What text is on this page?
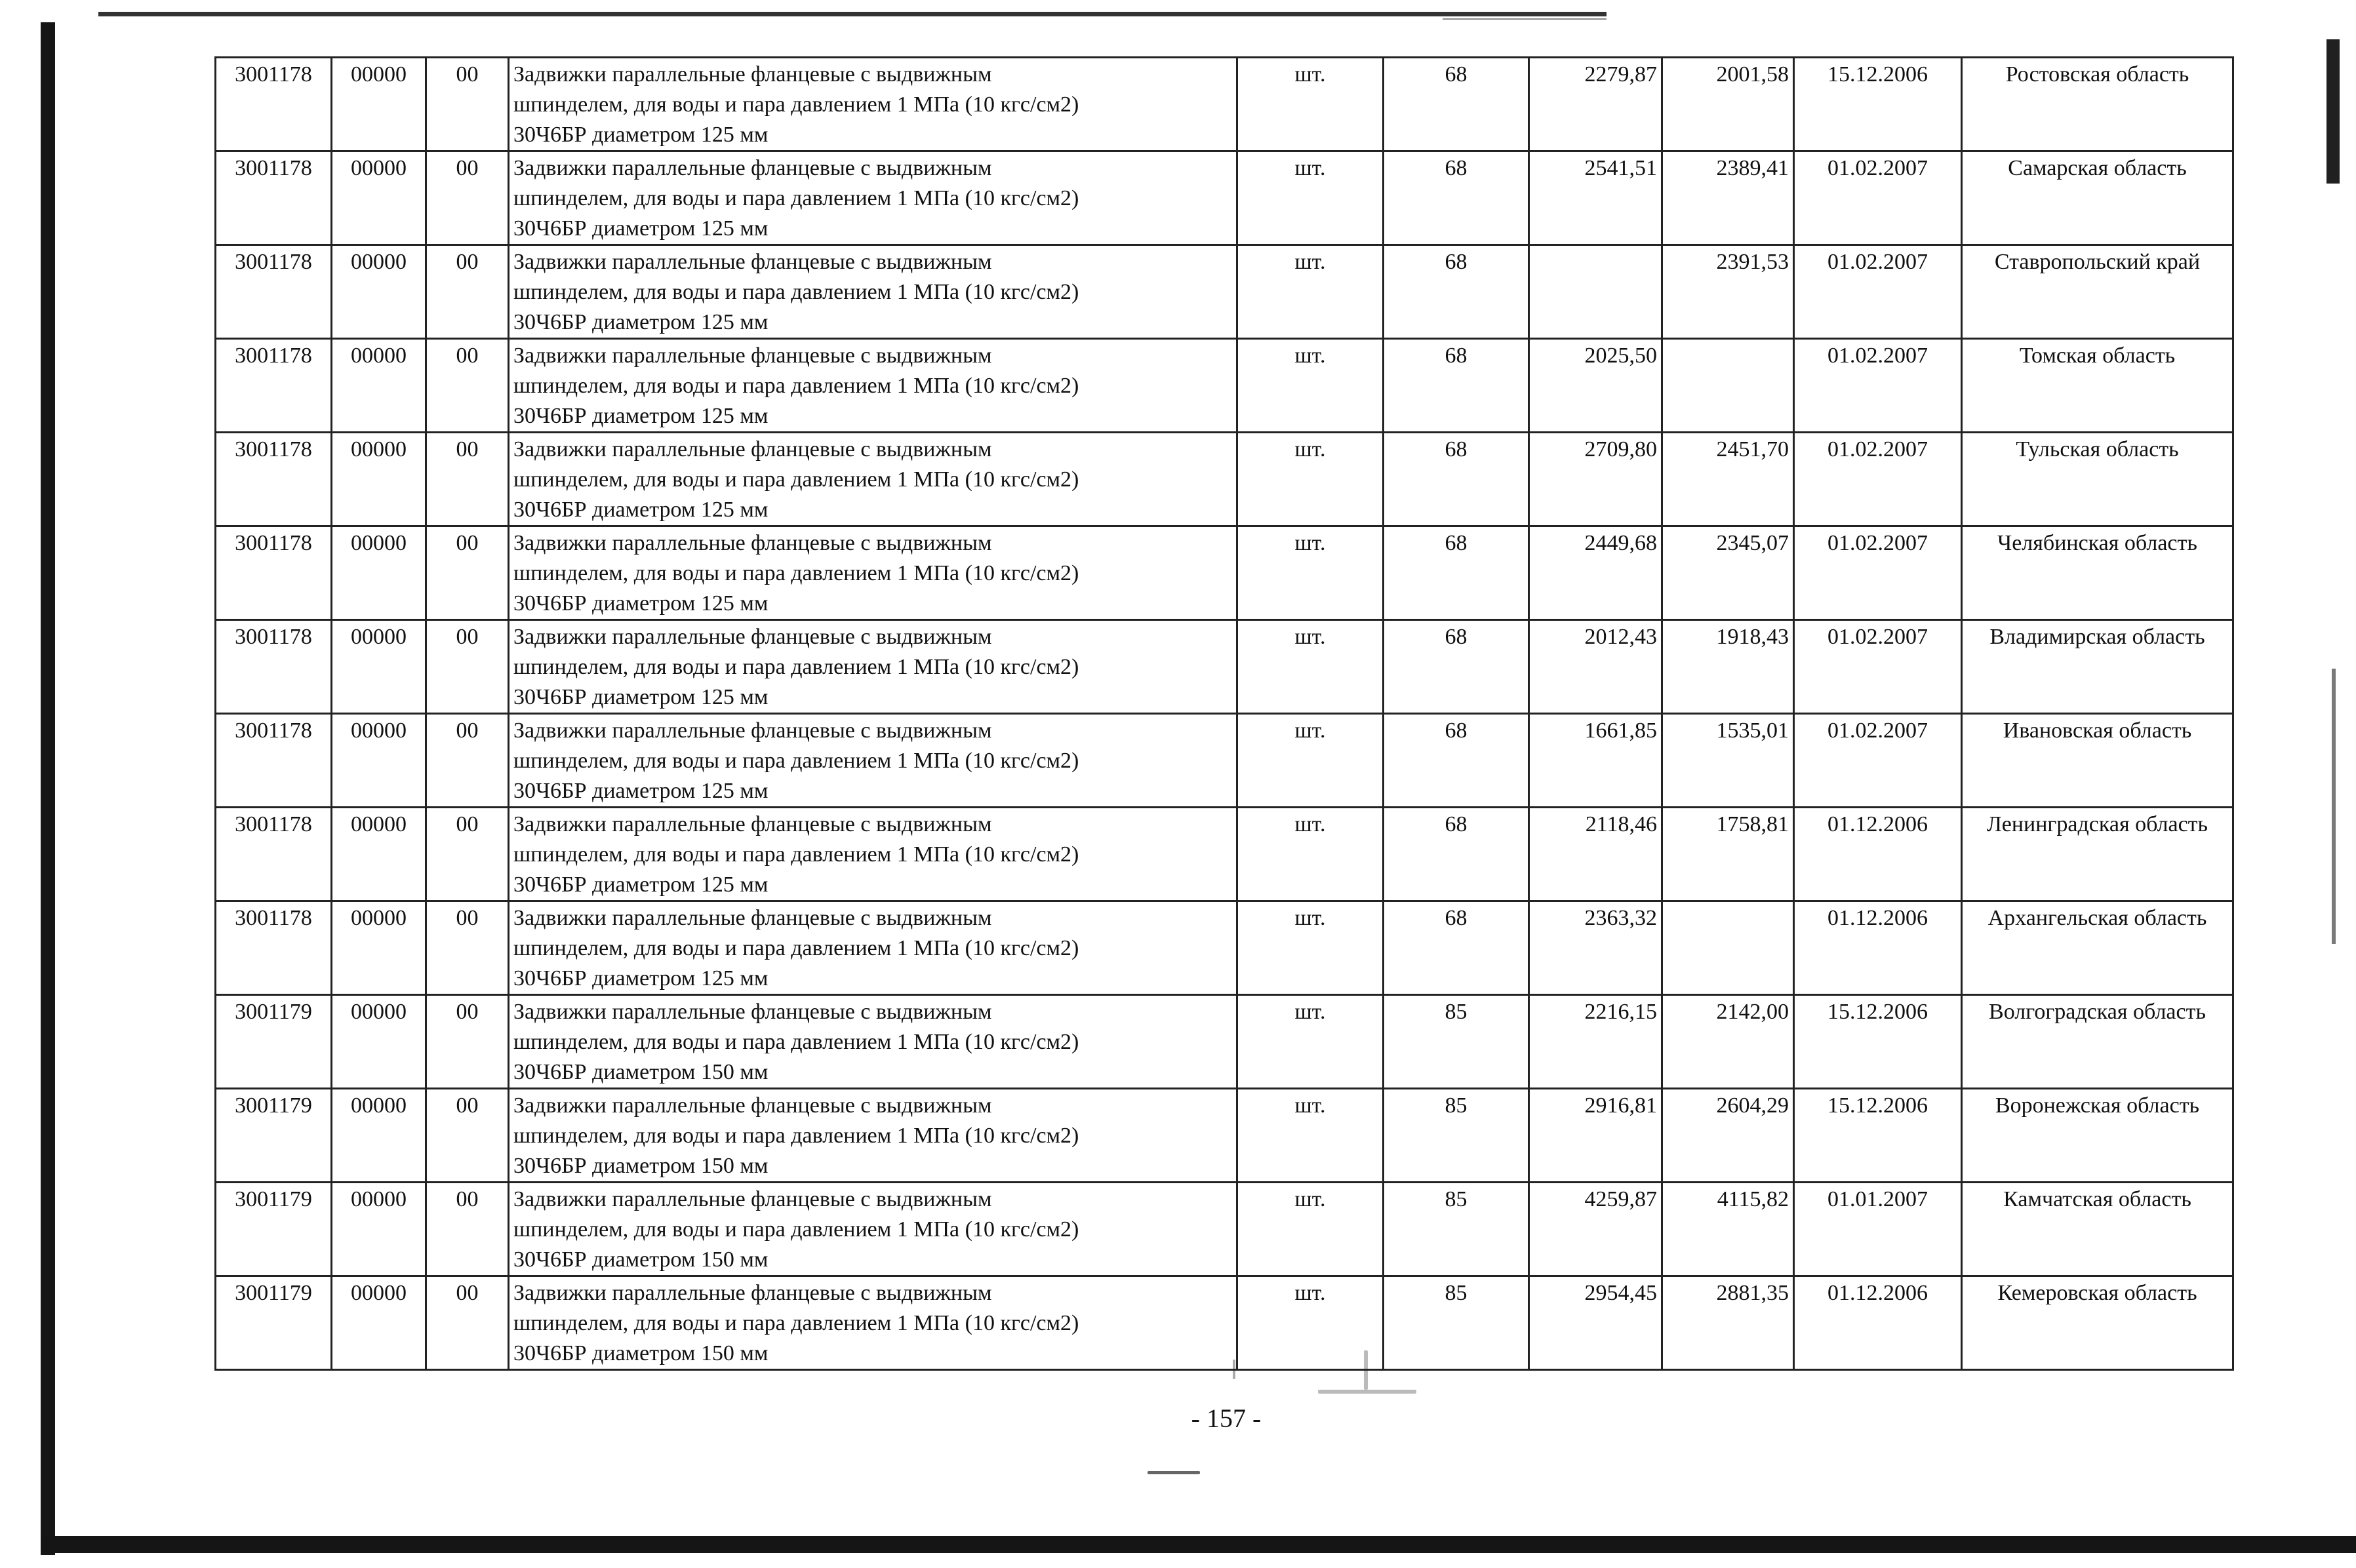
3001178	00000	00	Задвижки параллельные фланцевые с выдвижным
шпинделем, для воды и пара давлением 1 МПа (10 кгс/см2)
30Ч6БР диаметром 125 мм	шт.	68	2279,87	2001,58	15.12.2006	Ростовская область
3001178	00000	00	Задвижки параллельные фланцевые с выдвижным
шпинделем, для воды и пара давлением 1 МПа (10 кгс/см2)
30Ч6БР диаметром 125 мм	шт.	68	2541,51	2389,41	01.02.2007	Самарская область
3001178	00000	00	Задвижки параллельные фланцевые с выдвижным
шпинделем, для воды и пара давлением 1 МПа (10 кгс/см2)
30Ч6БР диаметром 125 мм	шт.	68		2391,53	01.02.2007	Ставропольский край
3001178	00000	00	Задвижки параллельные фланцевые с выдвижным
шпинделем, для воды и пара давлением 1 МПа (10 кгс/см2)
30Ч6БР диаметром 125 мм	шт.	68	2025,50		01.02.2007	Томская область
3001178	00000	00	Задвижки параллельные фланцевые с выдвижным
шпинделем, для воды и пара давлением 1 МПа (10 кгс/см2)
30Ч6БР диаметром 125 мм	шт.	68	2709,80	2451,70	01.02.2007	Тульская область
3001178	00000	00	Задвижки параллельные фланцевые с выдвижным
шпинделем, для воды и пара давлением 1 МПа (10 кгс/см2)
30Ч6БР диаметром 125 мм	шт.	68	2449,68	2345,07	01.02.2007	Челябинская область
3001178	00000	00	Задвижки параллельные фланцевые с выдвижным
шпинделем, для воды и пара давлением 1 МПа (10 кгс/см2)
30Ч6БР диаметром 125 мм	шт.	68	2012,43	1918,43	01.02.2007	Владимирская область
3001178	00000	00	Задвижки параллельные фланцевые с выдвижным
шпинделем, для воды и пара давлением 1 МПа (10 кгс/см2)
30Ч6БР диаметром 125 мм	шт.	68	1661,85	1535,01	01.02.2007	Ивановская область
3001178	00000	00	Задвижки параллельные фланцевые с выдвижным
шпинделем, для воды и пара давлением 1 МПа (10 кгс/см2)
30Ч6БР диаметром 125 мм	шт.	68	2118,46	1758,81	01.12.2006	Ленинградская область
3001178	00000	00	Задвижки параллельные фланцевые с выдвижным
шпинделем, для воды и пара давлением 1 МПа (10 кгс/см2)
30Ч6БР диаметром 125 мм	шт.	68	2363,32		01.12.2006	Архангельская область
3001179	00000	00	Задвижки параллельные фланцевые с выдвижным
шпинделем, для воды и пара давлением 1 МПа (10 кгс/см2)
30Ч6БР диаметром 150 мм	шт.	85	2216,15	2142,00	15.12.2006	Волгоградская область
3001179	00000	00	Задвижки параллельные фланцевые с выдвижным
шпинделем, для воды и пара давлением 1 МПа (10 кгс/см2)
30Ч6БР диаметром 150 мм	шт.	85	2916,81	2604,29	15.12.2006	Воронежская область
3001179	00000	00	Задвижки параллельные фланцевые с выдвижным
шпинделем, для воды и пара давлением 1 МПа (10 кгс/см2)
30Ч6БР диаметром 150 мм	шт.	85	4259,87	4115,82	01.01.2007	Камчатская область
3001179	00000	00	Задвижки параллельные фланцевые с выдвижным
шпинделем, для воды и пара давлением 1 МПа (10 кгс/см2)
30Ч6БР диаметром 150 мм	шт.	85	2954,45	2881,35	01.12.2006	Кемеровская область
- 157 -
